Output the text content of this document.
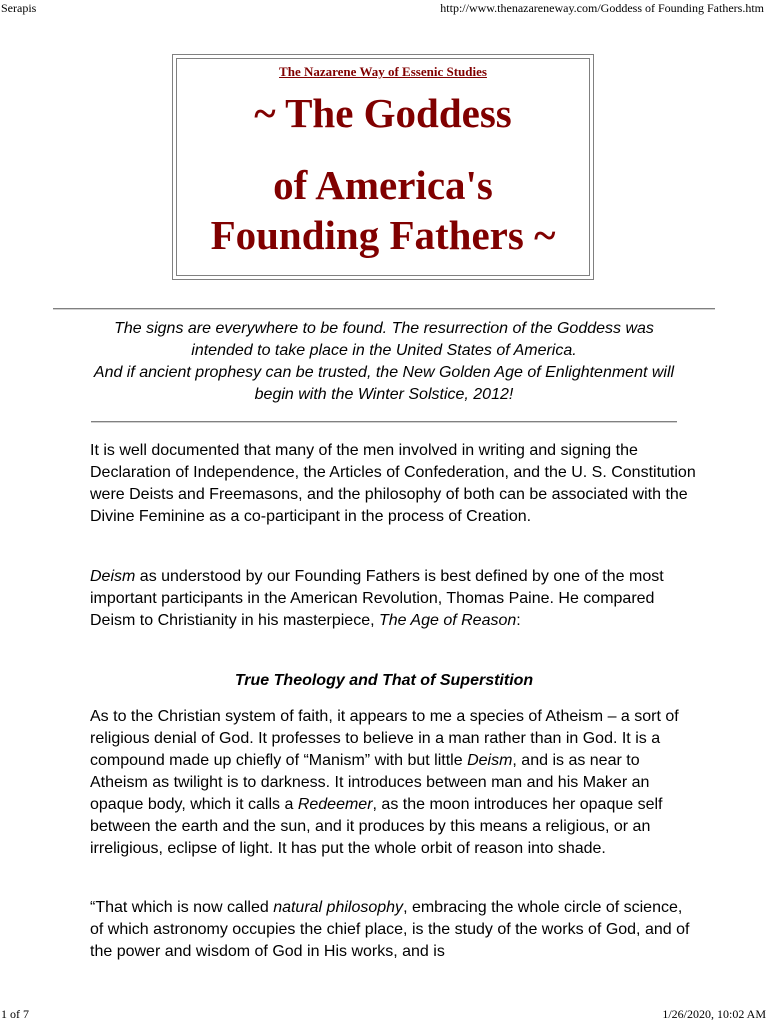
Serapis	http://www.thenazareneway.com/Goddess of Founding Fathers.htm
The Nazarene Way of Essenic Studies
~ The Goddess
of America's
Founding Fathers ~

The signs are everywhere to be found. The resurrection of the Goddess was

intended to take place in the United States of America.

And if ancient prophesy can be trusted, the New Golden Age of Enlightenment will

begin with the Winter Solstice, 2012!

It is well documented that many of the men involved in writing and signing the Declaration of Independence, the Articles of Confederation, and the U. S. Constitution were Deists and Freemasons, and the philosophy of both can be associated with the Divine Feminine as a co-participant in the process of Creation.

Deism as understood by our Founding Fathers is best defined by one of the most important participants in the American Revolution, Thomas Paine. He compared Deism to Christianity in his masterpiece, The Age of Reason:

True Theology and That of Superstition

As to the Christian system of faith, it appears to me a species of Atheism – a sort of religious denial of God. It professes to believe in a man rather than in God. It is a compound made up chiefly of “Manism” with but little Deism, and is as near to Atheism as twilight is to darkness. It introduces between man and his Maker an opaque body, which it calls a Redeemer, as the moon introduces her opaque self between the earth and the sun, and it produces by this means a religious, or an irreligious, eclipse of light. It has put the whole orbit of reason into shade.

“That which is now called natural philosophy, embracing the whole circle of science, of which astronomy occupies the chief place, is the study of the works of God, and of the power and wisdom of God in His works, and is

1 of 7	1/26/2020, 10:02 AM
